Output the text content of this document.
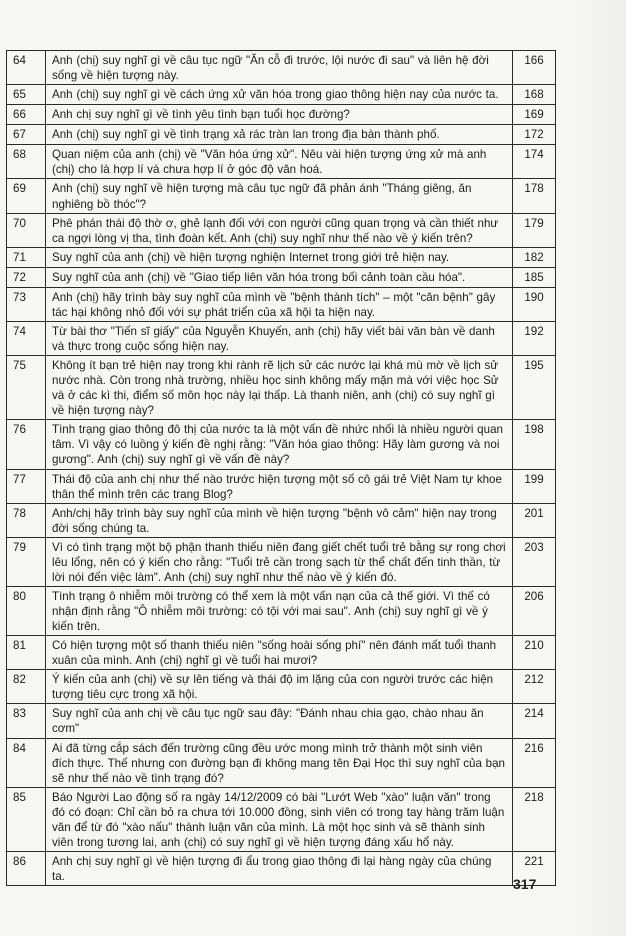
64	Anh (chị) suy nghĩ gì về câu tục ngữ "Ăn cỗ đi trước, lội nước đi sau" và liên hệ đời sống về hiện tượng này.	166
65	Anh (chị) suy nghĩ gì về cách ứng xử văn hóa trong giao thông hiện nay của nước ta.	168
66	Anh chị suy nghĩ gì về tình yêu tình bạn tuổi học đường?	169
67	Anh (chị) suy nghĩ gì về tình trạng xả rác tràn lan trong địa bàn thành phố.	172
68	Quan niệm của anh (chị) về "Văn hóa ứng xử". Nêu vài hiện tượng ứng xử mà anh (chị) cho là hợp lí và chưa hợp lí ở góc độ văn hoá.	174
69	Anh (chị) suy nghĩ về hiện tượng mà câu tục ngữ đã phản ánh "Tháng giêng, ăn nghiêng bồ thóc"?	178
70	Phê phán thái độ thờ ơ, ghẻ lạnh đối với con người cũng quan trọng và cần thiết như ca ngợi lòng vị tha, tình đoàn kết. Anh (chị) suy nghĩ như thế nào về ý kiến trên?	179
71	Suy nghĩ của anh (chị) về hiện tượng nghiện Internet trong giới trẻ hiện nay.	182
72	Suy nghĩ của anh (chị) về "Giao tiếp liên văn hóa trong bối cảnh toàn cầu hóa".	185
73	Anh (chị) hãy trình bày suy nghĩ của mình về "bệnh thành tích" – một "căn bệnh" gây tác hại không nhỏ đối với sự phát triển của xã hội ta hiện nay.	190
74	Từ bài thơ "Tiến sĩ giấy" của Nguyễn Khuyến, anh (chị) hãy viết bài văn bàn về danh và thực trong cuộc sống hiện nay.	192
75	Không ít bạn trẻ hiện nay trong khi rành rẽ lịch sử các nước lại khá mù mờ về lịch sử nước nhà. Còn trong nhà trường, nhiều học sinh không mấy mặn mà với việc học Sử và ở các kì thi, điểm số môn học này lại thấp. Là thanh niên, anh (chị) có suy nghĩ gì về hiện tượng này?	195
76	Tình trạng giao thông đô thị của nước ta là một vấn đề nhức nhối là nhiều người quan tâm. Vì vậy có luồng ý kiến đề nghị rằng: "Văn hóa giao thông: Hãy làm gương và noi gương". Anh (chị) suy nghĩ gì về vấn đề này?	198
77	Thái độ của anh chị như thế nào trước hiện tượng một số cô gái trẻ Việt Nam tự khoe thân thể mình trên các trang Blog?	199
78	Anh/chị hãy trình bày suy nghĩ của mình về hiện tượng "bệnh vô cảm" hiện nay trong đời sống chúng ta.	201
79	Vì có tình trạng một bộ phận thanh thiếu niên đang giết chết tuổi trẻ bằng sự rong chơi lêu lổng, nên có ý kiến cho rằng: "Tuổi trẻ cần trong sạch từ thể chất đến tinh thần, từ lời nói đến việc làm". Anh (chị) suy nghĩ như thế nào về ý kiến đó.	203
80	Tình trạng ô nhiễm môi trường có thể xem là một vấn nạn của cả thế giới. Vì thế có nhận định rằng "Ô nhiễm môi trường: có tội với mai sau". Anh (chị) suy nghĩ gì về ý kiến trên.	206
81	Có hiện tượng một số thanh thiếu niên "sống hoài sống phí" nên đánh mất tuổi thanh xuân của mình. Anh (chị) nghĩ gì về tuổi hai mươi?	210
82	Ý kiến của anh (chị) về sự lên tiếng và thái độ im lặng của con người trước các hiện tượng tiêu cực trong xã hội.	212
83	Suy nghĩ của anh chị về câu tục ngữ sau đây: "Đánh nhau chia gạo, chào nhau ăn cơm"	214
84	Ai đã từng cắp sách đến trường cũng đều ước mong mình trở thành một sinh viên đích thực. Thế nhưng con đường bạn đi không mang tên Đại Học thì suy nghĩ của bạn sẽ như thế nào về tình trạng đó?	216
85	Báo Người Lao động số ra ngày 14/12/2009 có bài "Lướt Web "xào" luận văn" trong đó có đoạn: Chỉ cần bỏ ra chưa tới 10.000 đồng, sinh viên có trong tay hàng trăm luận văn để từ đó "xào nấu" thành luận văn của mình. Là một học sinh và sẽ thành sinh viên trong tương lai, anh (chị) có suy nghĩ gì về hiện tượng đáng xấu hổ này.	218
86	Anh chị suy nghĩ gì về hiện tượng đi ẩu trong giao thông đi lại hàng ngày của chúng ta.	221
317
